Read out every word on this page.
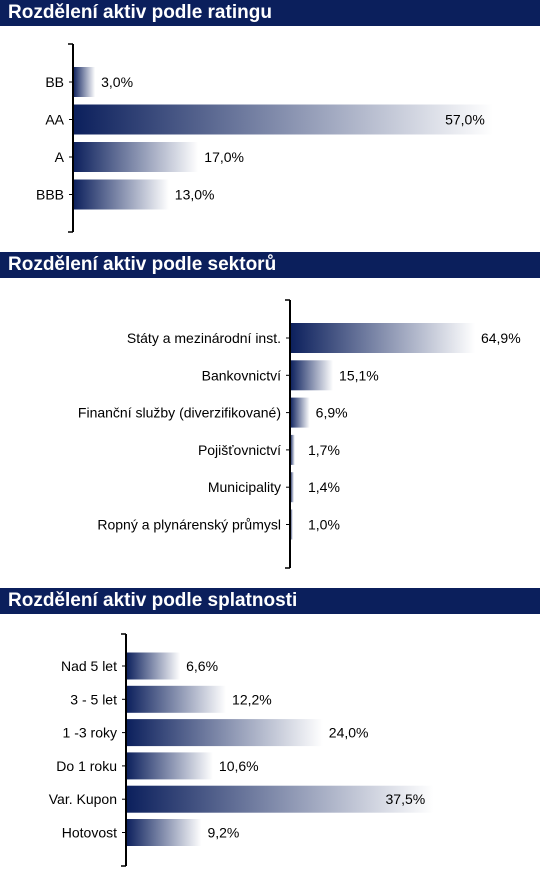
Rozdělení aktiv podle ratingu
BB	3,0%
AA	57,0%
A	17,0%
BBB	13,0%
Rozdělení aktiv podle sektorů
Státy a mezinárodní inst.	64,9%
Bankovnictví	15,1%
Finanční služby (diverzifikované) 6,9%
Pojišťovnictví 1,7%
Municipality 1,4%
Ropný a plynárenský průmysl 1,0%
Rozdělení aktiv podle splatnosti
Nad 5 let	6,6%
3 - 5 let	12,2%
1 -3 roky	24,0%
Do 1 roku	10,6%
Var. Kupon	37,5%
Hotovost	9,2%
